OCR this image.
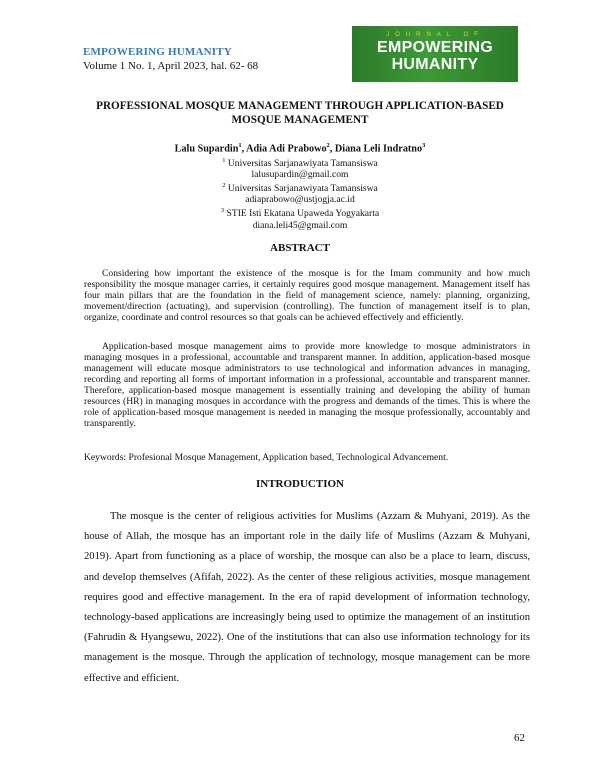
EMPOWERING HUMANITY
Volume 1 No. 1, April 2023, hal. 62- 68
JOURNAL OF
EMPOWERING
HUMANITY
PROFESSIONAL MOSQUE MANAGEMENT THROUGH APPLICATION-BASED MOSQUE MANAGEMENT
Lalu Supardin$^1$, Adia Adi Prabowo$^2$, Diana Leli Indratno$^3$
$^1$ Universitas Sarjanawiyata Tamansiswa
lalusupardin@gmail.com
$^2$ Universitas Sarjanawiyata Tamansiswa
adiaprabowo@ustjogja.ac.id
$^3$ STIE Isti Ekatana Upaweda Yogyakarta
diana.leli45@gmail.com
ABSTRACT

Considering how important the existence of the mosque is for the Imam community and how much responsibility the mosque manager carries, it certainly requires good mosque management. Management itself has four main pillars that are the foundation in the field of management science, namely: planning, organizing, movement/direction (actuating), and supervision (controlling). The function of management itself is to plan, organize, coordinate and control resources so that goals can be achieved effectively and efficiently.

Application-based mosque management aims to provide more knowledge to mosque administrators in managing mosques in a professional, accountable and transparent manner. In addition, application-based mosque management will educate mosque administrators to use technological and information advances in managing, recording and reporting all forms of important information in a professional, accountable and transparent manner. Therefore, application-based mosque management is essentially training and developing the ability of human resources (HR) in managing mosques in accordance with the progress and demands of the times. This is where the role of application-based mosque management is needed in managing the mosque professionally, accountably and transparently.

Keywords: Profesional Mosque Management, Application based, Technological Advancement.
INTRODUCTION

The mosque is the center of religious activities for Muslims (Azzam & Muhyani, 2019). As the house of Allah, the mosque has an important role in the daily life of Muslims (Azzam & Muhyani, 2019). Apart from functioning as a place of worship, the mosque can also be a place to learn, discuss, and develop themselves (Afifah, 2022). As the center of these religious activities, mosque management requires good and effective management. In the era of rapid development of information technology, technology-based applications are increasingly being used to optimize the management of an institution (Fahrudin & Hyangsewu, 2022). One of the institutions that can also use information technology for its management is the mosque. Through the application of technology, mosque management can be more effective and efficient.

62
